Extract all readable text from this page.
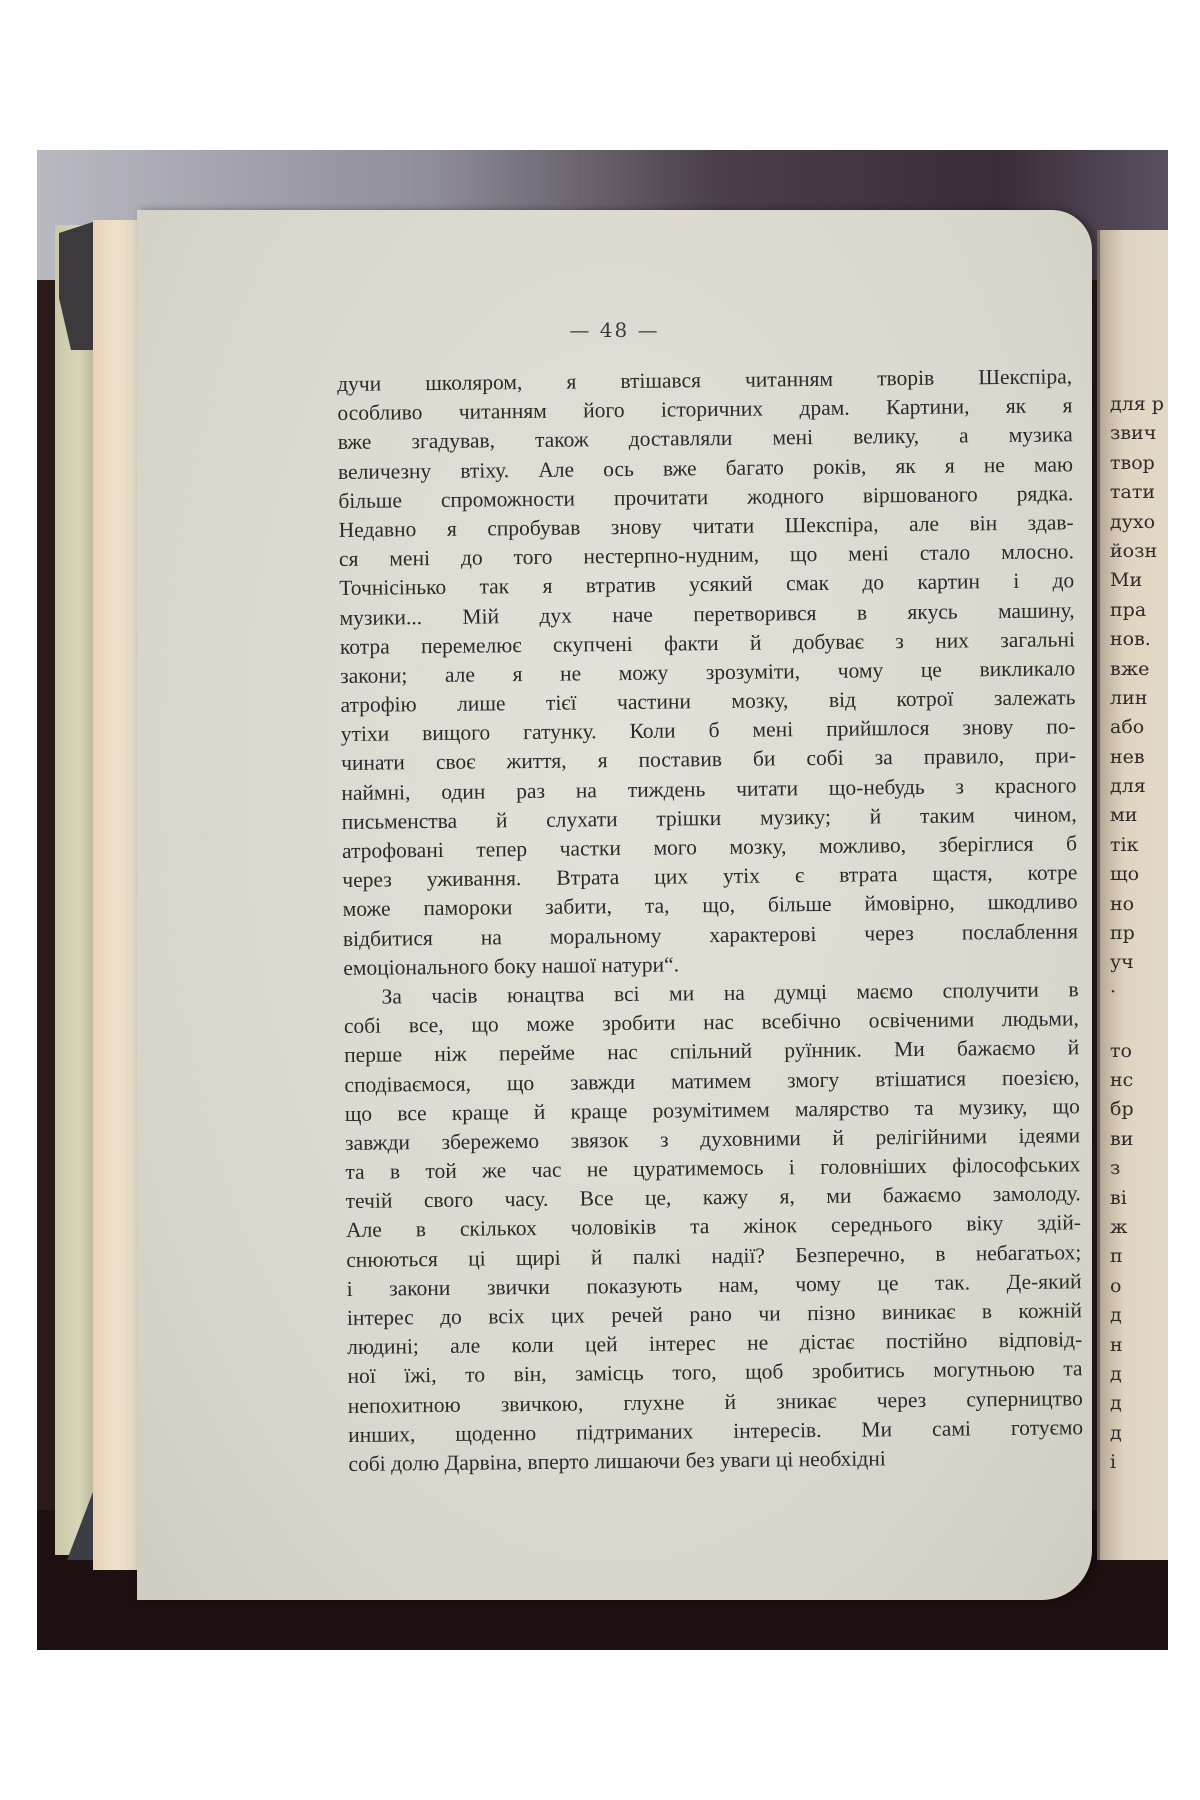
для р
звич
твор
тати
духо
йозн
Ми
пра
нов.
вже
лин
або
нев
для
ми
тік
що
но
пр
уч
·
то
нс
бр
ви
з
ві
ж
п
о
д
н
д
д
д
і
— 48 —
дучи школяром, я втішався читанням творів Шекспіра,
особливо читанням його історичних драм. Картини, як я
вже згадував, також доставляли мені велику, а музика
величезну втіху. Але ось вже багато років, як я не маю
більше спроможности прочитати жодного віршованого рядка.
Недавно я спробував знову читати Шекспіра, але він здав-
ся мені до того нестерпно-нудним, що мені стало млосно.
Точнісінько так я втратив усякий смак до картин і до
музики... Мій дух наче перетворився в якусь машину,
котра перемелює скупчені факти й добуває з них загальні
закони; але я не можу зрозуміти, чому це викликало
атрофію лише тієї частини мозку, від котрої залежать
утіхи вищого гатунку. Коли б мені прийшлося знову по-
чинати своє життя, я поставив би собі за правило, при-
наймні, один раз на тиждень читати що-небудь з красного
письменства й слухати трішки музику; й таким чином,
атрофовані тепер частки мого мозку, можливо, зберіглися б
через уживання. Втрата цих утіх є втрата щастя, котре
може памороки забити, та, що, більше ймовірно, шкодливо
відбитися на моральному характерові через послаблення
емоціонального боку нашої натури“.
За часів юнацтва всі ми на думці маємо сполучити в
собі все, що може зробити нас всебічно освіченими людьми,
перше ніж перейме нас спільний руїнник. Ми бажаємо й
сподіваємося, що завжди матимем змогу втішатися поезією,
що все краще й краще розумітимем малярство та музику, що
завжди збережемо звязок з духовними й релігійними ідеями
та в той же час не цуратимемось і головніших філософських
течій свого часу. Все це, кажу я, ми бажаємо замолоду.
Але в скількох чоловіків та жінок середнього віку здій-
снюються ці щирі й палкі надії? Безперечно, в небагатьох;
і закони звички показують нам, чому це так. Де-який
інтерес до всіх цих речей рано чи пізно виникає в кожній
людині; але коли цей інтерес не дістає постійно відповід-
ної їжі, то він, замісць того, щоб зробитись могутньою та
непохитною звичкою, глухне й зникає через суперництво
инших, щоденно підтриманих інтересів. Ми самі готуємо
собі долю Дарвіна, вперто лишаючи без уваги ці необхідні
